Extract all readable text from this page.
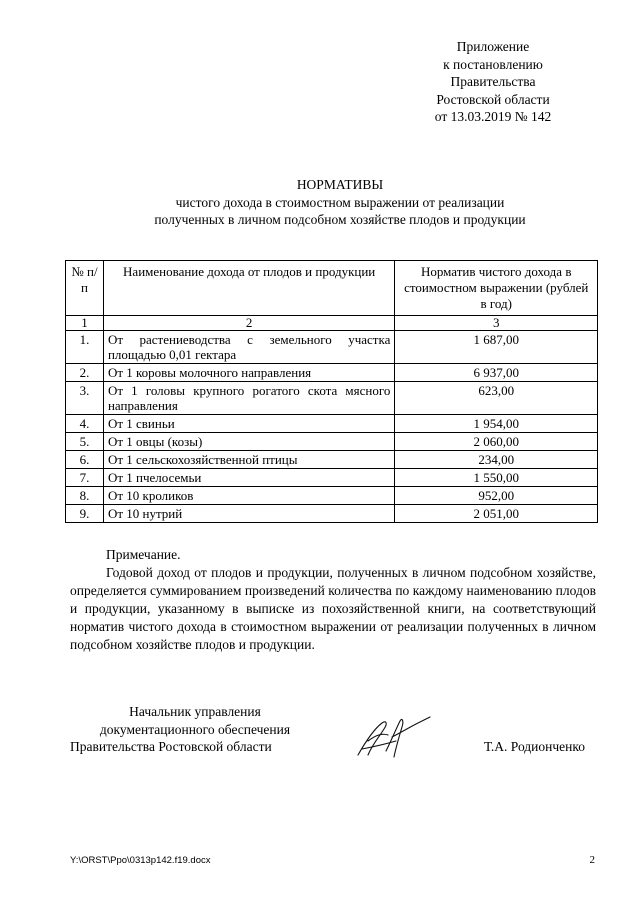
Приложение
к постановлению
Правительства
Ростовской области
от 13.03.2019 № 142
НОРМАТИВЫ
чистого дохода в стоимостном выражении от реализации
полученных в личном подсобном хозяйстве плодов и продукции
№ п/п	Наименование дохода от плодов и продукции	Норматив чистого дохода в стоимостном выражении (рублей в год)
1	2	3
1.	От растениеводства с земельного участка площадью 0,01 гектара	1 687,00
2.	От 1 коровы молочного направления	6 937,00
3.	От 1 головы крупного рогатого скота мясного направления	623,00
4.	От 1 свиньи	1 954,00
5.	От 1 овцы (козы)	2 060,00
6.	От 1 сельскохозяйственной птицы	234,00
7.	От 1 пчелосемьи	1 550,00
8.	От 10 кроликов	952,00
9.	От 10 нутрий	2 051,00
Примечание.
Годовой доход от плодов и продукции, полученных в личном подсобном хозяйстве, определяется суммированием произведений количества по каждому наименованию плодов и продукции, указанному в выписке из похозяйственной книги, на соответствующий норматив чистого дохода в стоимостном выражении от реализации полученных в личном подсобном хозяйстве плодов и продукции.
Начальник управления
документационного обеспечения
Правительства Ростовской области	Т.А. Родионченко
Y:\ORST\Ppo\0313p142.f19.docx	2
